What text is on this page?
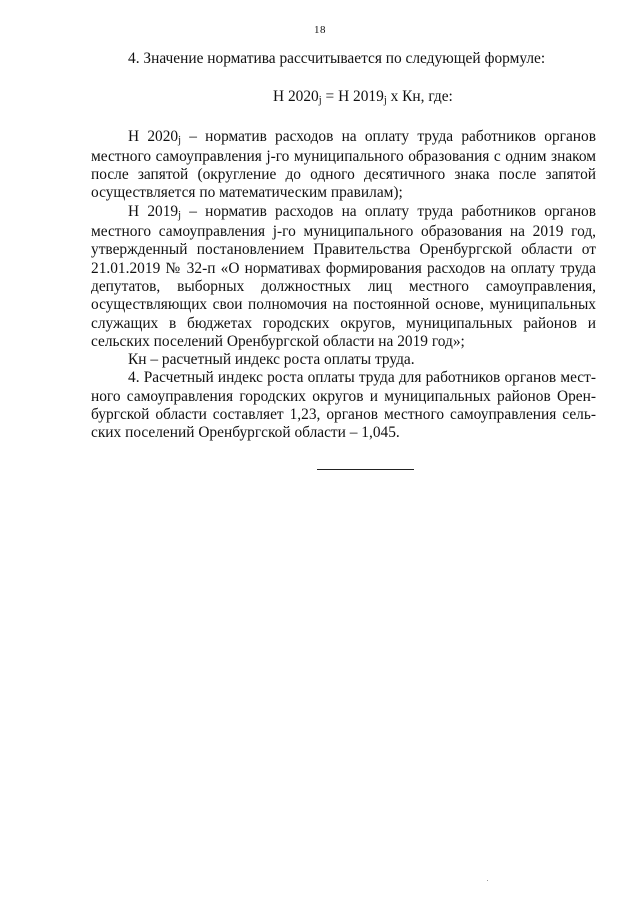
18

4. Значение норматива рассчитывается по следующей формуле:

Н 2020j = Н 2019j х Кн, где:

Н 2020j – норматив расходов на оплату труда работников органов местного самоуправления j-го муниципального образования с одним знаком после запятой (округление до одного десятичного знака после запятой осуществляется по математическим правилам);

Н 2019j – норматив расходов на оплату труда работников органов местного самоуправления j-го муниципального образования на 2019 год, утвержденный постановлением Правительства Оренбургской области от 21.01.2019 № 32-п «О нормативах формирования расходов на оплату труда депутатов, выборных должностных лиц местного самоуправления, осуществляющих свои полномочия на постоянной основе, муниципальных служащих в бюджетах городских округов, муниципальных районов и сельских поселений Оренбургской области на 2019 год»;

Кн – расчетный индекс роста оплаты труда.

4. Расчетный индекс роста оплаты труда для работников органов местного самоуправления городских округов и муниципальных районов Оренбургской области составляет 1,23, органов местного самоуправления сельских поселений Оренбургской области – 1,045.
